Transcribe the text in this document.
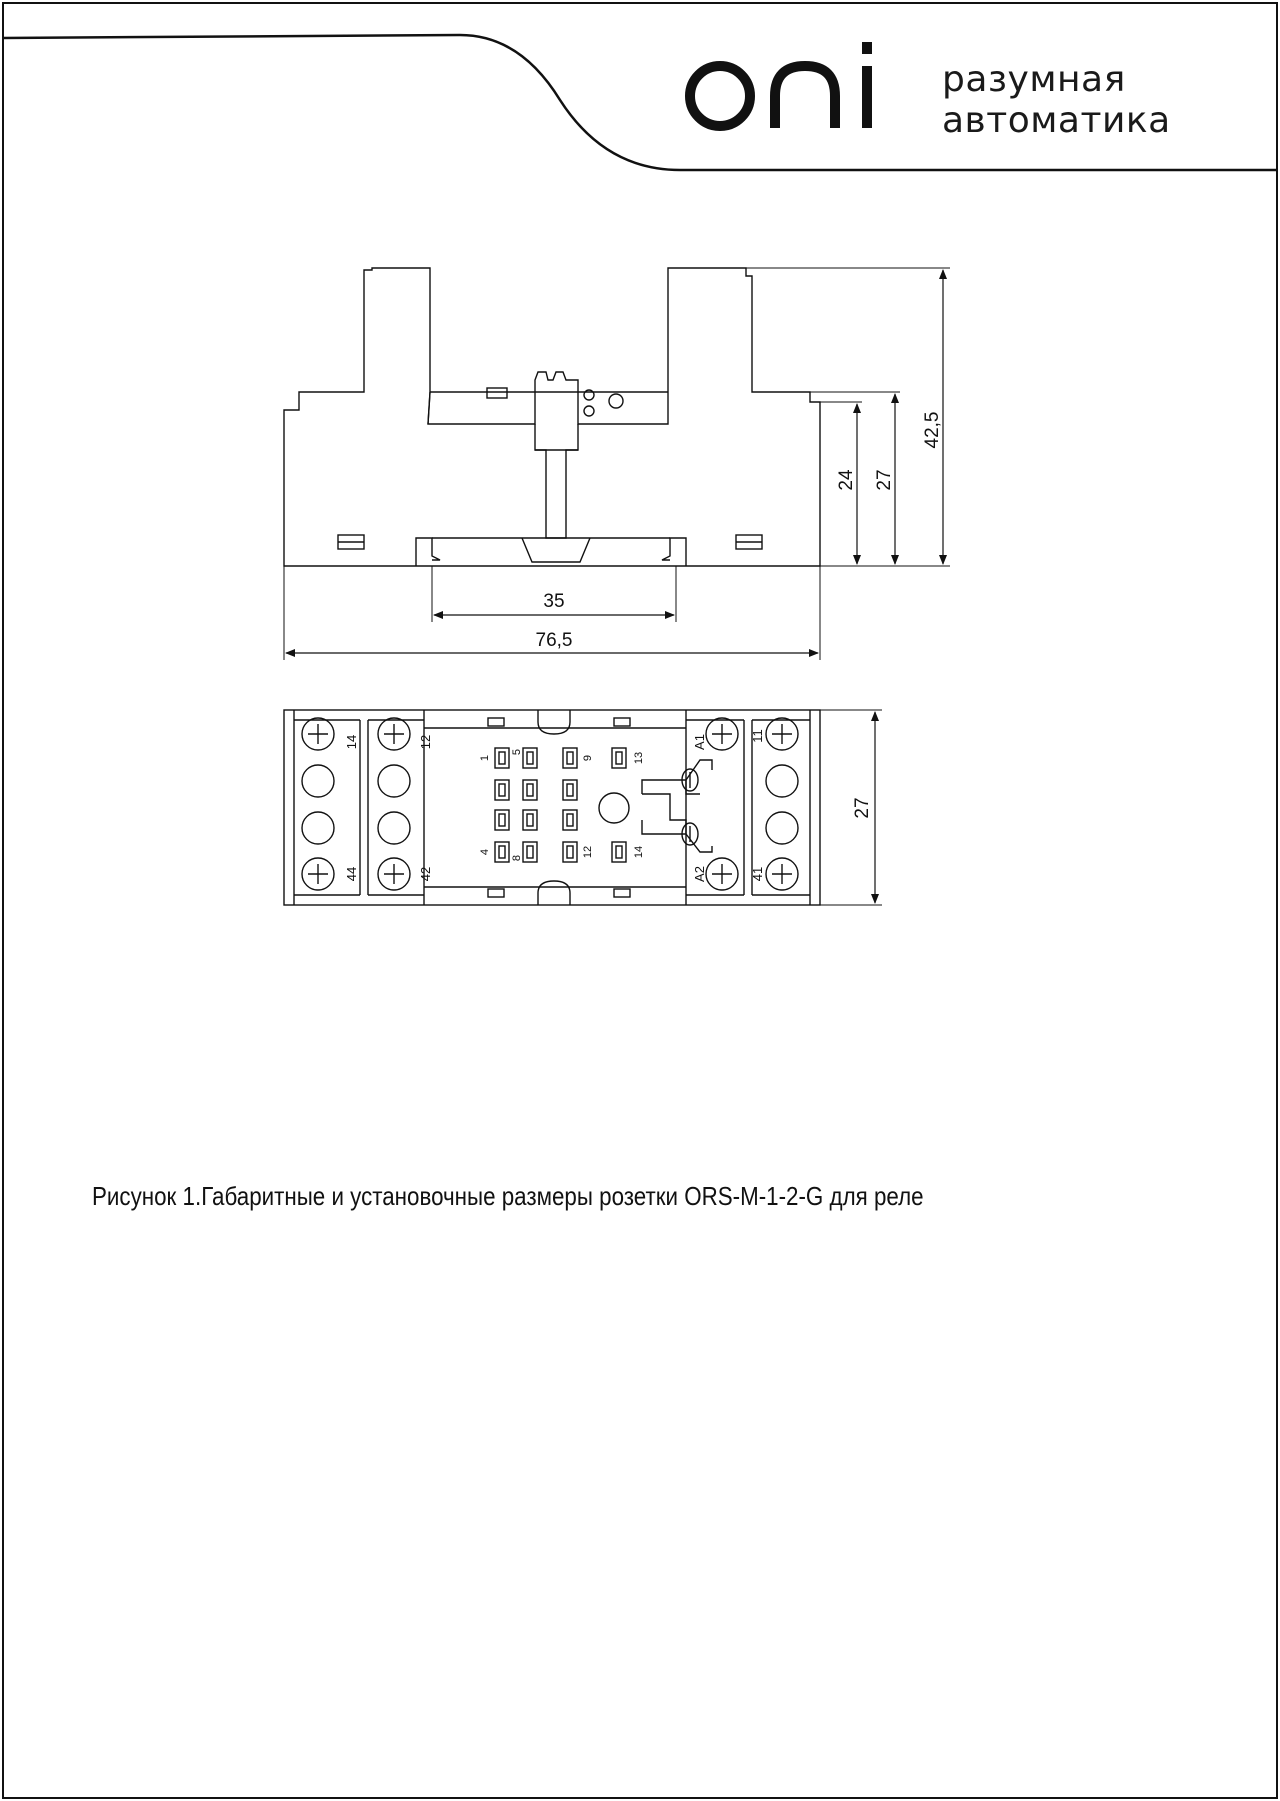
разумная
автоматика
42,5
27
24
35
76,5
14	12
44	42
A1
A2
11
41
1
5
9	13
4
8	12	14
27
Рисунок 1.Габаритные и установочные размеры розетки ORS-M-1-2-G для реле
